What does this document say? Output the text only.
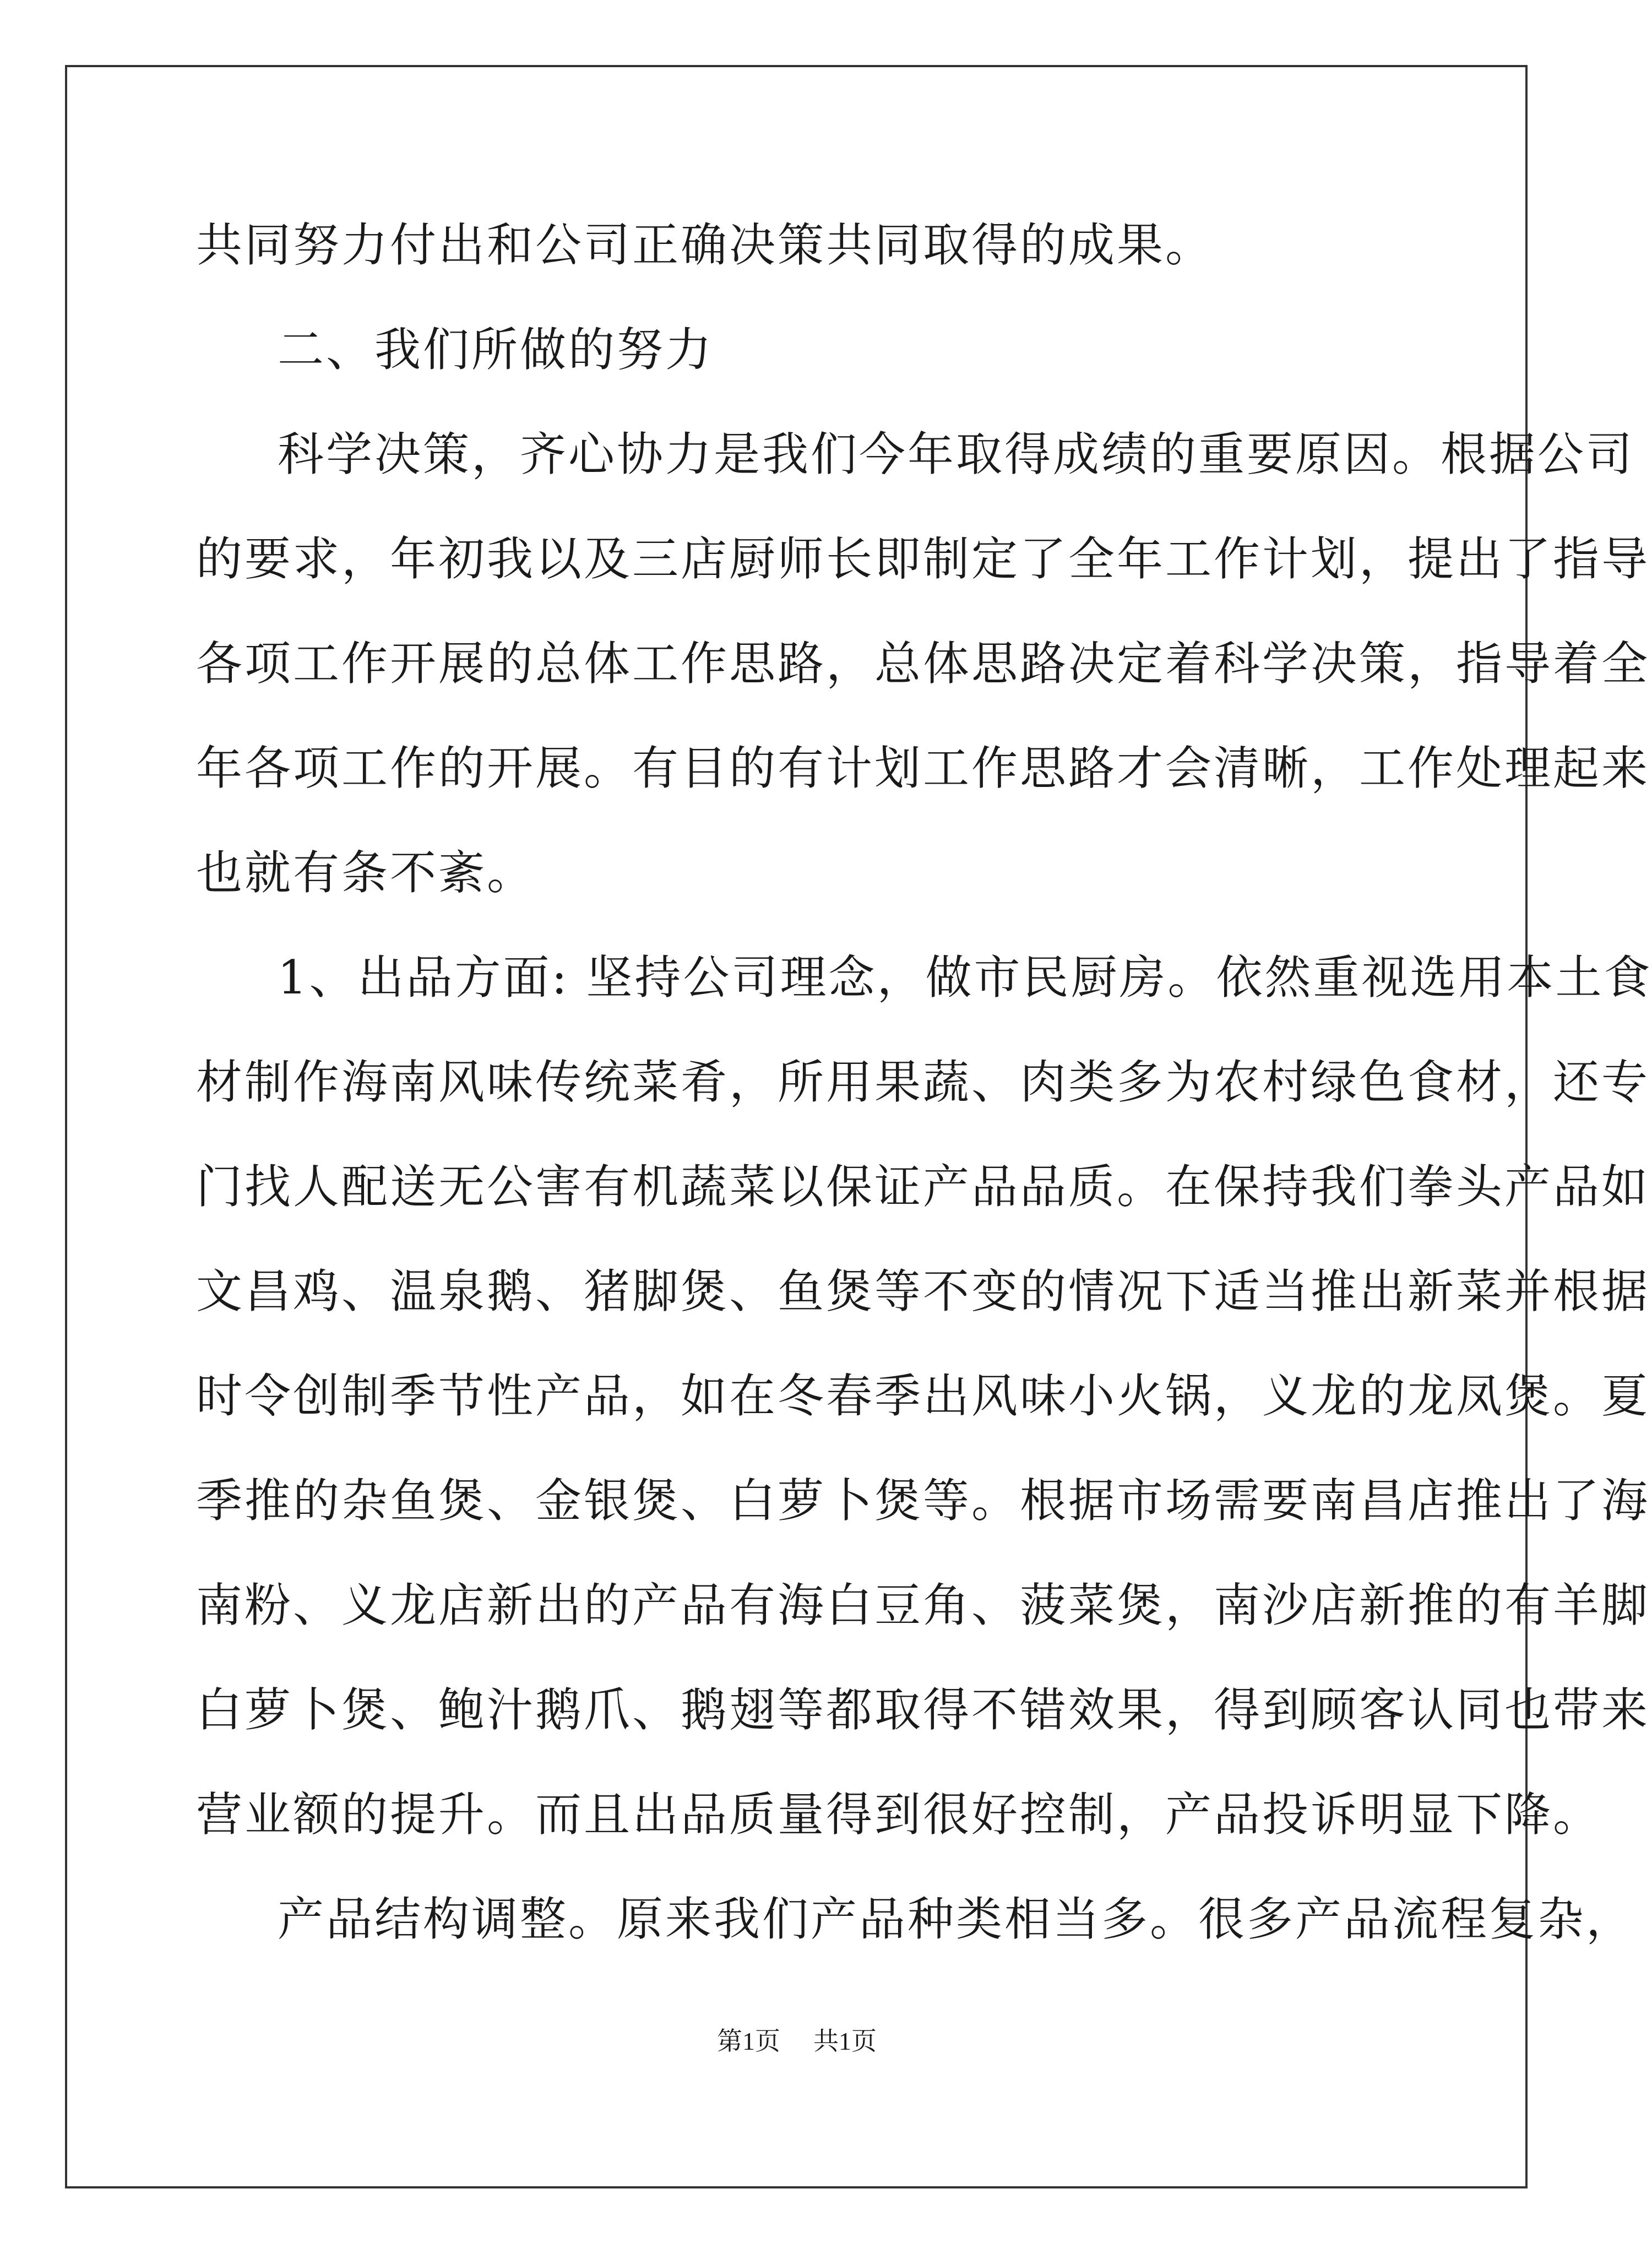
共同努力付出和公司正确决策共同取得的成果。
二、我们所做的努力
科学决策，齐心协力是我们今年取得成绩的重要原因。根据公司
的要求，年初我以及三店厨师长即制定了全年工作计划，提出了指导
各项工作开展的总体工作思路，总体思路决定着科学决策，指导着全
年各项工作的开展。有目的有计划工作思路才会清晰，工作处理起来
也就有条不紊。
1、出品方面: 坚持公司理念，做市民厨房。依然重视选用本土食
材制作海南风味传统菜肴，所用果蔬、肉类多为农村绿色食材，还专
门找人配送无公害有机蔬菜以保证产品品质。在保持我们拳头产品如
文昌鸡、温泉鹅、猪脚煲、鱼煲等不变的情况下适当推出新菜并根据
时令创制季节性产品，如在冬春季出风味小火锅，义龙的龙凤煲。夏
季推的杂鱼煲、金银煲、白萝卜煲等。根据市场需要南昌店推出了海
南粉、义龙店新出的产品有海白豆角、菠菜煲，南沙店新推的有羊脚
白萝卜煲、鲍汁鹅爪、鹅翅等都取得不错效果，得到顾客认同也带来
营业额的提升。而且出品质量得到很好控制，产品投诉明显下降。
产品结构调整。原来我们产品种类相当多。很多产品流程复杂，
第1页 共1页
